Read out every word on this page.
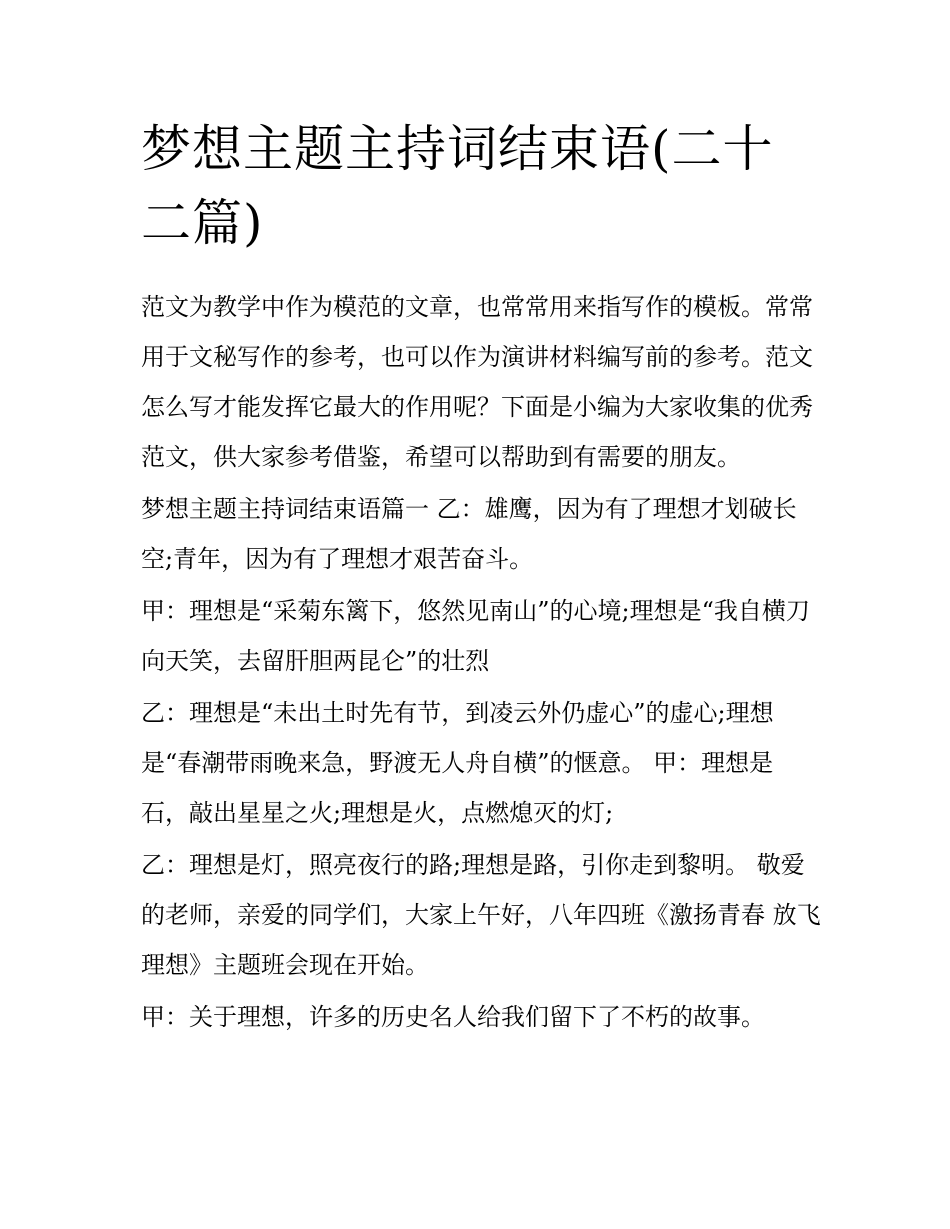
梦想主题主持词结束语(二十二篇)

范文为教学中作为模范的文章，也常常用来指写作的模板。常常用于文秘写作的参考，也可以作为演讲材料编写前的参考。范文怎么写才能发挥它最大的作用呢？下面是小编为大家收集的优秀范文，供大家参考借鉴，希望可以帮助到有需要的朋友。

梦想主题主持词结束语篇一 乙：雄鹰，因为有了理想才划破长空;青年，因为有了理想才艰苦奋斗。

甲：理想是“采菊东篱下，悠然见南山”的心境;理想是“我自横刀向天笑，去留肝胆两昆仑”的壮烈

乙：理想是“未出土时先有节，到凌云外仍虚心”的虚心;理想是“春潮带雨晚来急，野渡无人舟自横”的惬意。 甲：理想是石，敲出星星之火;理想是火，点燃熄灭的灯;

乙：理想是灯，照亮夜行的路;理想是路，引你走到黎明。 敬爱的老师，亲爱的同学们，大家上午好，八年四班《激扬青春 放飞理想》主题班会现在开始。

甲：关于理想，许多的历史名人给我们留下了不朽的故事。
